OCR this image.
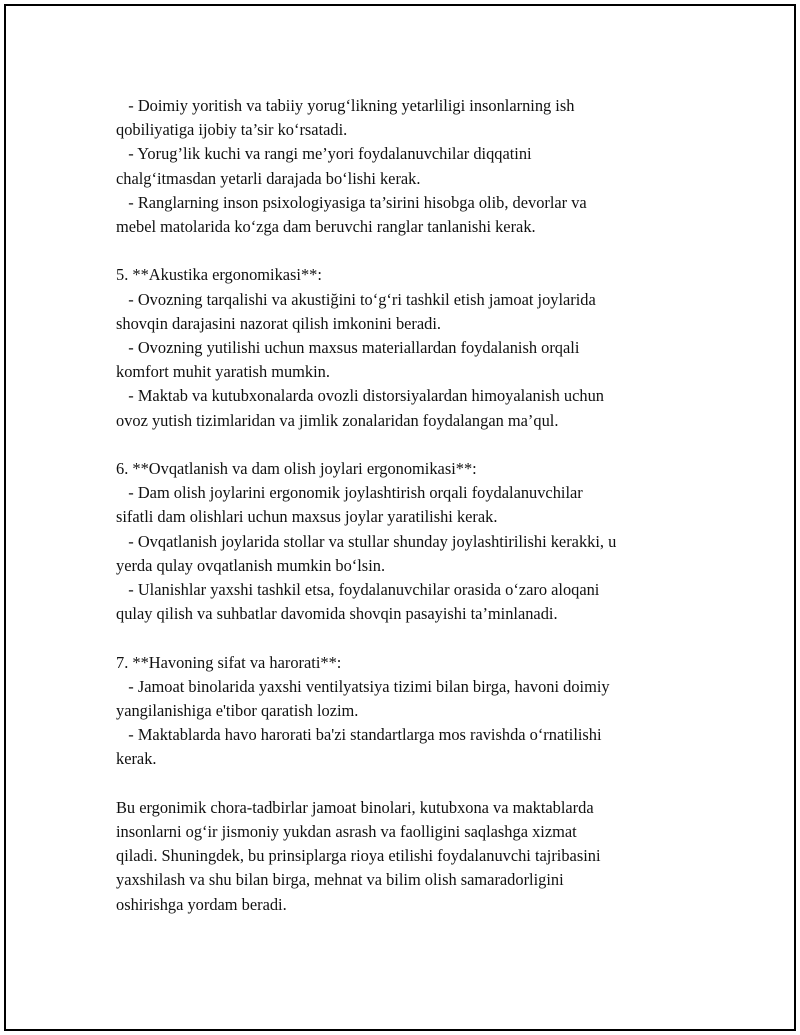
- Doimiy yoritish va tabiiy yorug‘likning yetarliligi insonlarning ish
qobiliyatiga ijobiy ta’sir ko‘rsatadi.
- Yorug’lik kuchi va rangi me’yori foydalanuvchilar diqqatini
chalg‘itmasdan yetarli darajada bo‘lishi kerak.
- Ranglarning inson psixologiyasiga ta’sirini hisobga olib, devorlar va
mebel matolarida ko‘zga dam beruvchi ranglar tanlanishi kerak.
5. **Akustika ergonomikasi**:
- Ovozning tarqalishi va akustiğini to‘g‘ri tashkil etish jamoat joylarida
shovqin darajasini nazorat qilish imkonini beradi.
- Ovozning yutilishi uchun maxsus materiallardan foydalanish orqali
komfort muhit yaratish mumkin.
- Maktab va kutubxonalarda ovozli distorsiyalardan himoyalanish uchun
ovoz yutish tizimlaridan va jimlik zonalaridan foydalangan ma’qul.
6. **Ovqatlanish va dam olish joylari ergonomikasi**:
- Dam olish joylarini ergonomik joylashtirish orqali foydalanuvchilar
sifatli dam olishlari uchun maxsus joylar yaratilishi kerak.
- Ovqatlanish joylarida stollar va stullar shunday joylashtirilishi kerakki, u
yerda qulay ovqatlanish mumkin bo‘lsin.
- Ulanishlar yaxshi tashkil etsa, foydalanuvchilar orasida o‘zaro aloqani
qulay qilish va suhbatlar davomida shovqin pasayishi ta’minlanadi.
7. **Havoning sifat va harorati**:
- Jamoat binolarida yaxshi ventilyatsiya tizimi bilan birga, havoni doimiy
yangilanishiga e'tibor qaratish lozim.
- Maktablarda havo harorati ba'zi standartlarga mos ravishda o‘rnatilishi
kerak.
Bu ergonimik chora-tadbirlar jamoat binolari, kutubxona va maktablarda
insonlarni og‘ir jismoniy yukdan asrash va faolligini saqlashga xizmat
qiladi. Shuningdek, bu prinsiplarga rioya etilishi foydalanuvchi tajribasini
yaxshilash va shu bilan birga, mehnat va bilim olish samaradorligini
oshirishga yordam beradi.
